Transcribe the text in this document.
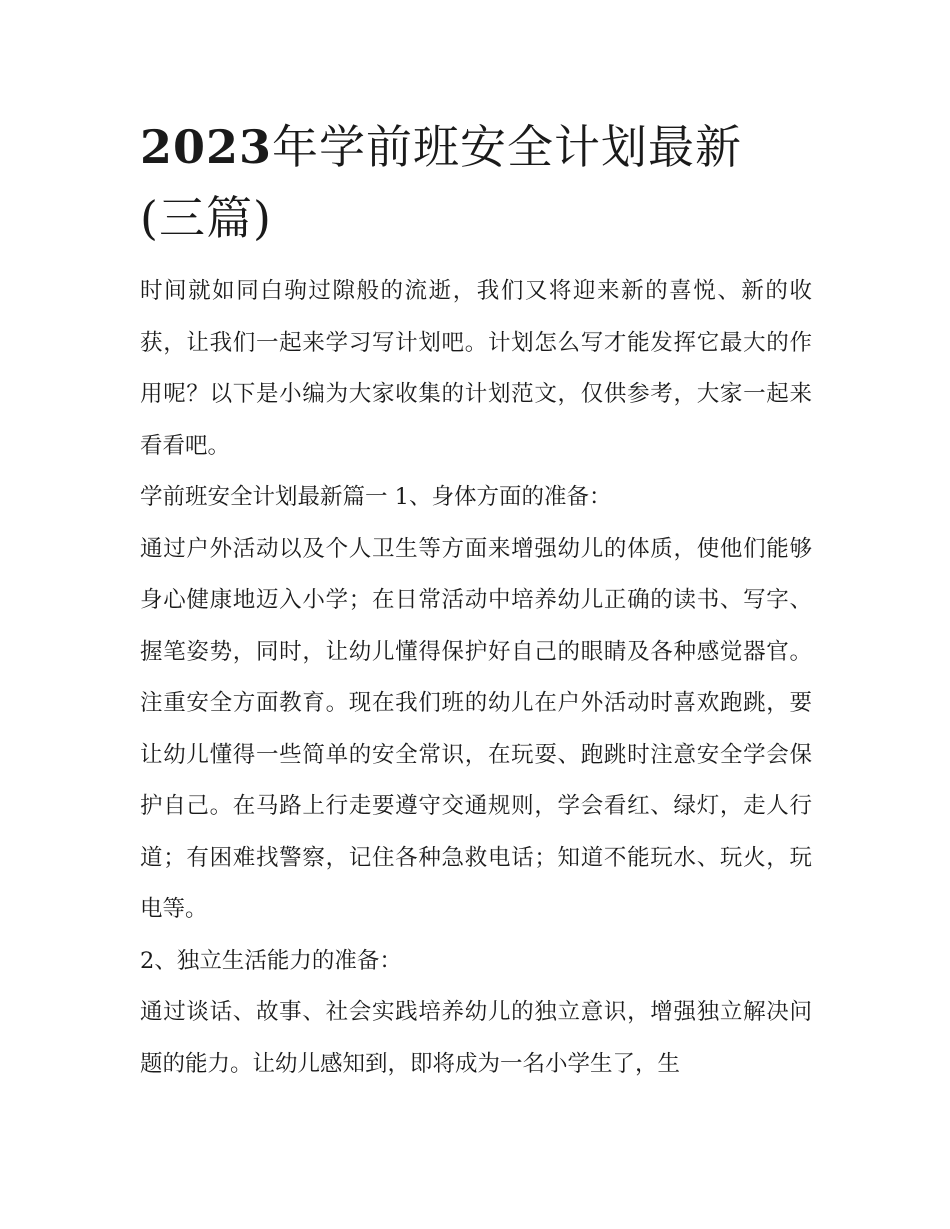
2023年学前班安全计划最新
(三篇)

时间就如同白驹过隙般的流逝，我们又将迎来新的喜悦、新的收获，让我们一起来学习写计划吧。计划怎么写才能发挥它最大的作用呢？以下是小编为大家收集的计划范文，仅供参考，大家一起来看看吧。

学前班安全计划最新篇一 1、身体方面的准备：

通过户外活动以及个人卫生等方面来增强幼儿的体质，使他们能够身心健康地迈入小学；在日常活动中培养幼儿正确的读书、写字、握笔姿势，同时，让幼儿懂得保护好自己的眼睛及各种感觉器官。注重安全方面教育。现在我们班的幼儿在户外活动时喜欢跑跳，要让幼儿懂得一些简单的安全常识，在玩耍、跑跳时注意安全学会保护自己。在马路上行走要遵守交通规则，学会看红、绿灯，走人行道；有困难找警察，记住各种急救电话；知道不能玩水、玩火，玩电等。

2、独立生活能力的准备：

通过谈话、故事、社会实践培养幼儿的独立意识，增强独立解决问题的能力。让幼儿感知到，即将成为一名小学生了，生
